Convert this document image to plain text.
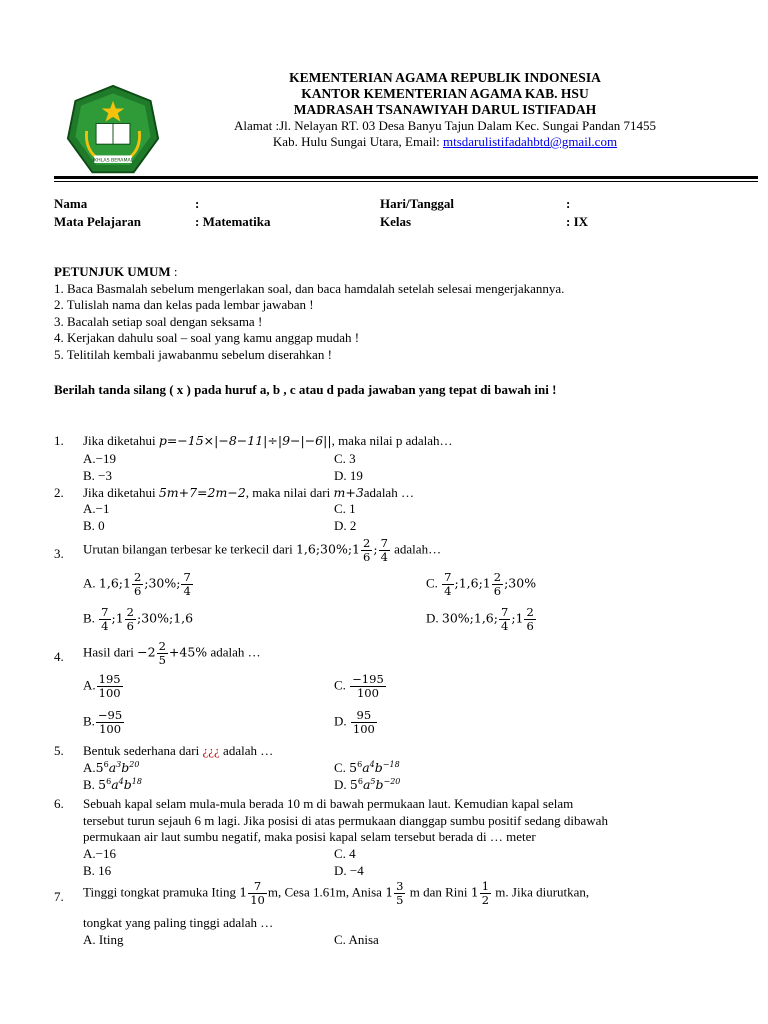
IKHLAS BERAMAL
KEMENTERIAN AGAMA REPUBLIK INDONESIA
KANTOR KEMENTERIAN AGAMA KAB. HSU
MADRASAH TSANAWIYAH DARUL ISTIFADAH
Alamat :Jl. Nelayan RT. 03 Desa Banyu Tajun Dalam Kec. Sungai Pandan 71455
Kab. Hulu Sungai Utara, Email: mtsdarulistifadahbtd@gmail.com
Nama	:	Hari/Tanggal	:
Mata Pelajaran	: Matematika	Kelas	: IX
PETUNJUK UMUM :
1. Baca Basmalah sebelum mengerlakan soal, dan baca hamdalah setelah selesai mengerjakannya.
2. Tulislah nama dan kelas pada lembar jawaban !
3. Bacalah setiap soal dengan seksama !
4. Kerjakan dahulu soal – soal yang kamu anggap mudah !
5. Telitilah kembali jawabanmu sebelum diserahkan !
Berilah tanda silang ( x ) pada huruf a, b , c atau d pada jawaban yang tepat di bawah ini !
1. Jika diketahui p=−15×|−8−11|÷|9−|−6||, maka nilai p adalah…
A.−19
B. −3
C. 3
D. 19
2. Jika diketahui 5m+7=2m−2, maka nilai dari m+3adalah …
A.−1
B. 0
C. 1
D. 2
3. Urutan bilangan terbesar ke terkecil dari 1,6;30%;1 $\frac{2}{6}$ ; $\frac{7}{4}$ adalah…
A. 1,6;1 $\frac{2}{6}$ ;30%; $\frac{7}{4}$
B. $\frac{7}{4}$ ;1 $\frac{2}{6}$ ;30%;1,6
C. $\frac{7}{4}$ ;1,6;1 $\frac{2}{6}$ ;30%
D. 30%;1,6; $\frac{7}{4}$ ;1 $\frac{2}{6}$
4. Hasil dari $-2 \frac{2}{5} +45\%$ adalah …
A. $\frac{195}{100}$
B. $\frac{-95}{100}$
C. $\frac{-195}{100}$
D. $\frac{95}{100}$
5. Bentuk sederhana dari ¿¿¿ adalah …
$A.5^6a^3b^{20}$
B. $5^6a^4b^{18}$
C. $5^6a^4b^{-18}$
D. $5^6a^5b^{-20}$
6. Sebuah kapal selam mula-mula berada 10 m di bawah permukaan laut. Kemudian kapal selam
tersebut turun sejauh 6 m lagi. Jika posisi di atas permukaan dianggap sumbu positif sedang dibawah
permukaan air laut sumbu negatif, maka posisi kapal selam tersebut berada di … meter
A.−16
B. 16
C. 4
D. −4
7. Tinggi tongkat pramuka Iting $1 \frac{7}{10} m$, Cesa 1.61m, Anisa $1 \frac{3}{5}$ m dan Rini $1 \frac{1}{2} m$. Jika diurutkan,
tongkat yang paling tinggi adalah …
A. Iting	C. Anisa
